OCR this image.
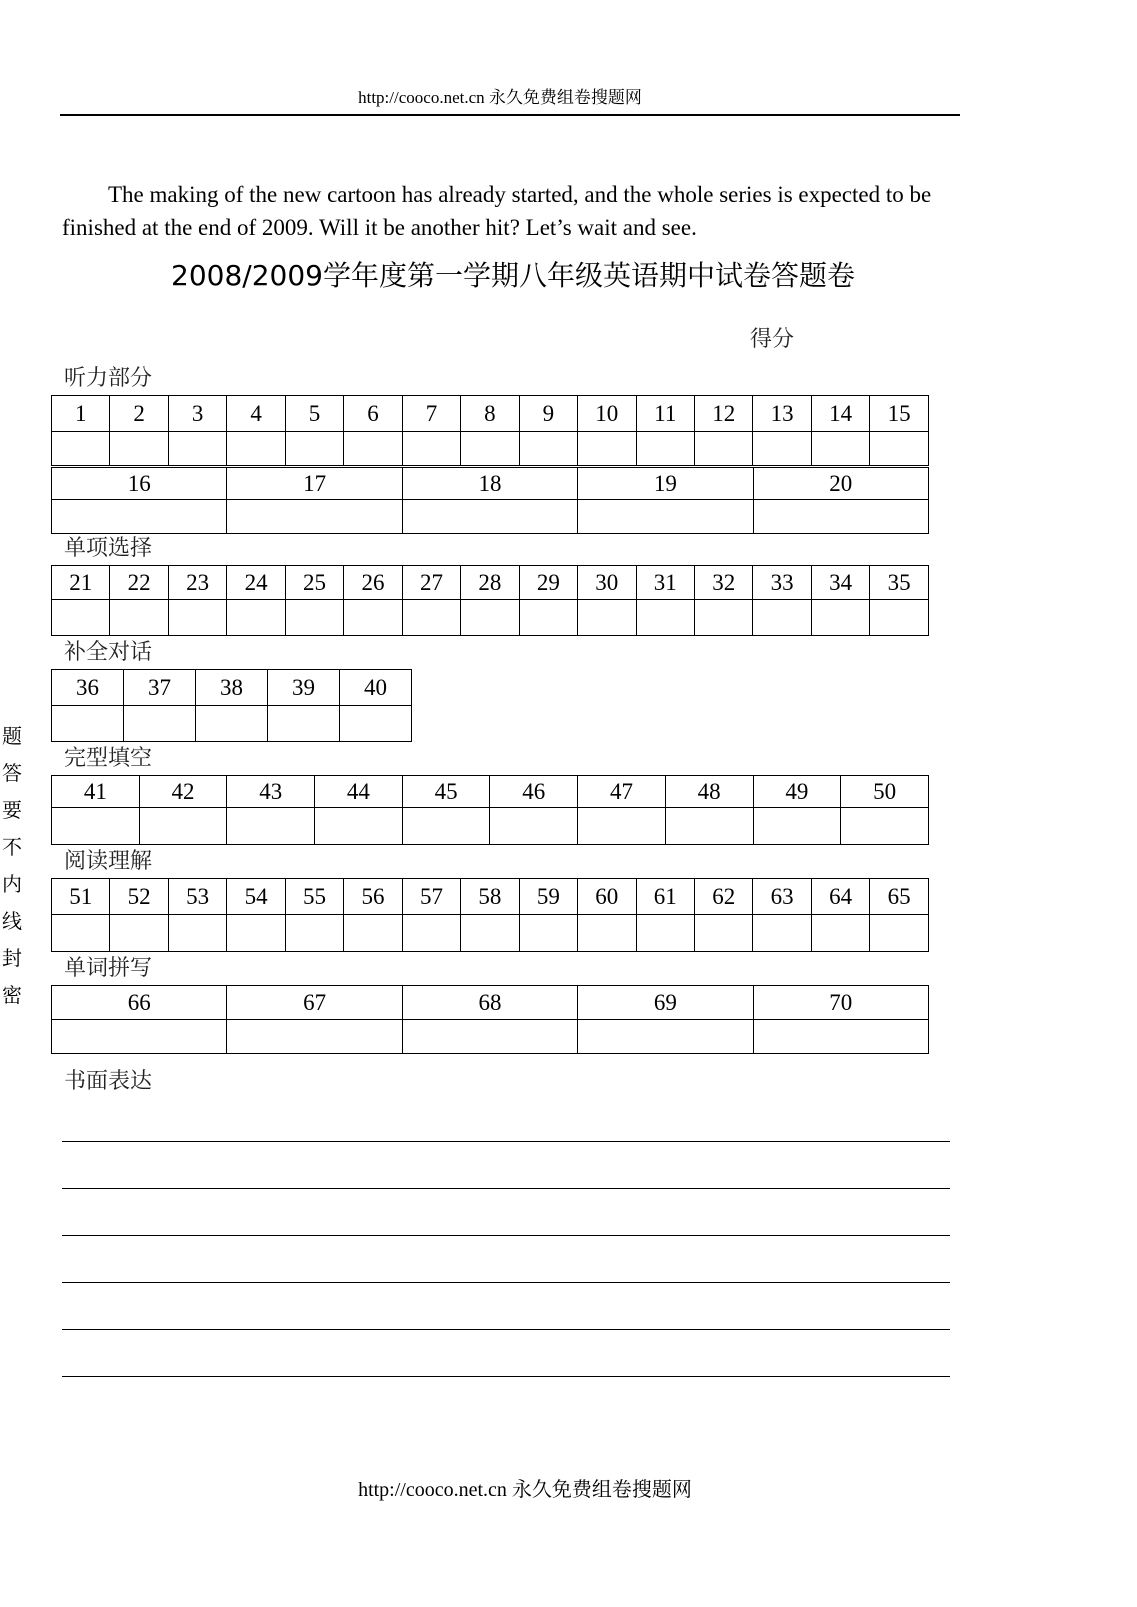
http://cooco.net.cn 永久免费组卷搜题网
The making of the new cartoon has already started, and the whole series is expected to be finished at the end of 2009. Will it be another hit? Let’s wait and see.
2008/2009学年度第一学期八年级英语期中试卷答题卷
得分
听力部分
1	2	3	4	5	6	7	8	9	10	11	12	13	14	15

16	17	18	19	20

单项选择
21	22	23	24	25	26	27	28	29	30	31	32	33	34	35

补全对话
36	37	38	39	40

完型填空
41	42	43	44	45	46	47	48	49	50

阅读理解
51	52	53	54	55	56	57	58	59	60	61	62	63	64	65

单词拼写
66	67	68	69	70

书面表达
题
答
要
不
内
线
封
密
http://cooco.net.cn 永久免费组卷搜题网
